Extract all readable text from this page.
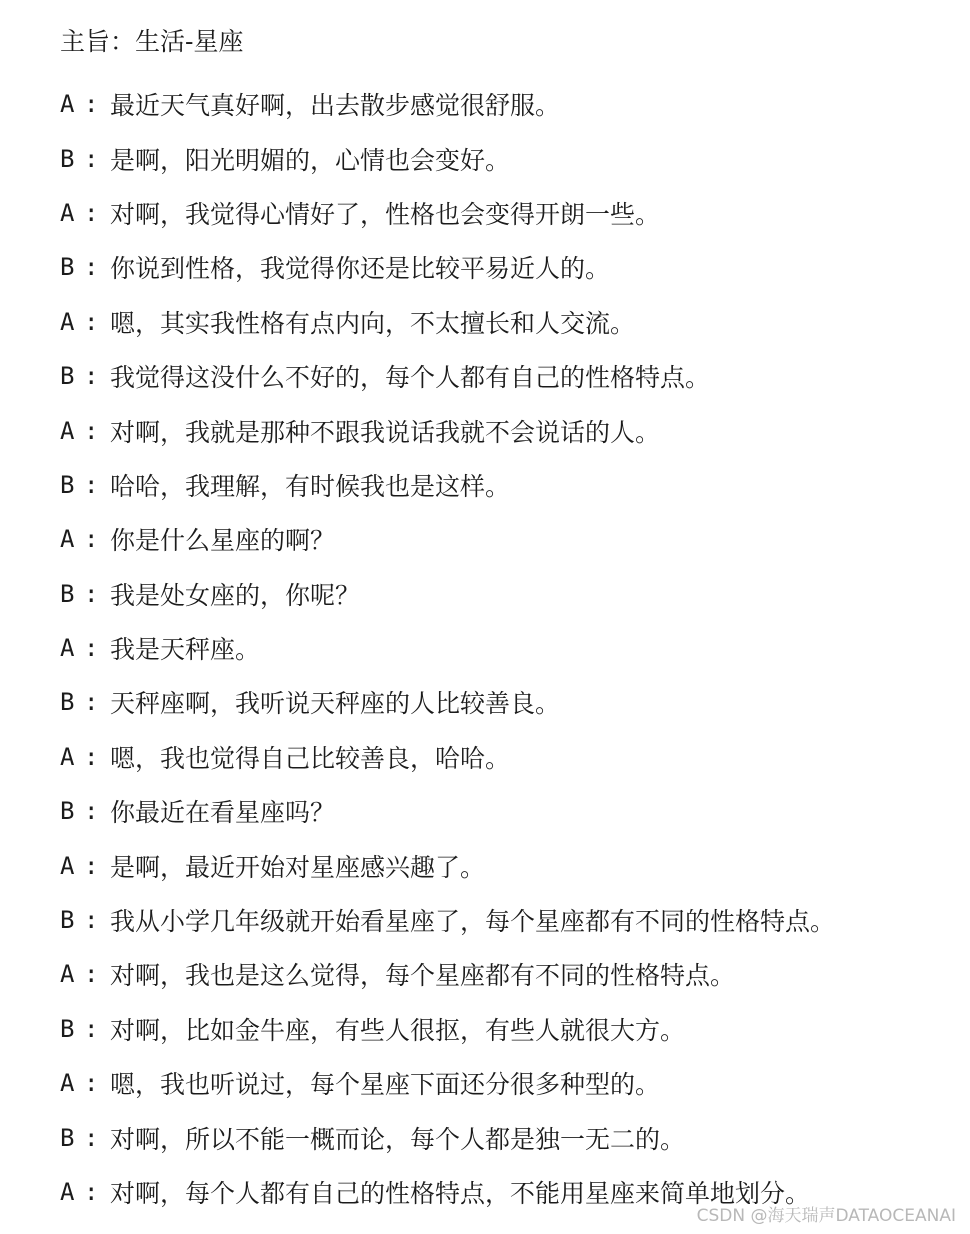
主旨：生活-星座
A : 最近天气真好啊，出去散步感觉很舒服。
B : 是啊，阳光明媚的，心情也会变好。
A : 对啊，我觉得心情好了，性格也会变得开朗一些。
B : 你说到性格，我觉得你还是比较平易近人的。
A : 嗯，其实我性格有点内向，不太擅长和人交流。
B : 我觉得这没什么不好的，每个人都有自己的性格特点。
A : 对啊，我就是那种不跟我说话我就不会说话的人。
B : 哈哈，我理解，有时候我也是这样。
A : 你是什么星座的啊？
B : 我是处女座的，你呢？
A : 我是天秤座。
B : 天秤座啊，我听说天秤座的人比较善良。
A : 嗯，我也觉得自己比较善良，哈哈。
B : 你最近在看星座吗？
A : 是啊，最近开始对星座感兴趣了。
B : 我从小学几年级就开始看星座了，每个星座都有不同的性格特点。
A : 对啊，我也是这么觉得，每个星座都有不同的性格特点。
B : 对啊，比如金牛座，有些人很抠，有些人就很大方。
A : 嗯，我也听说过，每个星座下面还分很多种型的。
B : 对啊，所以不能一概而论，每个人都是独一无二的。
A : 对啊，每个人都有自己的性格特点，不能用星座来简单地划分。
CSDN @海天瑞声DATAOCEANAI
